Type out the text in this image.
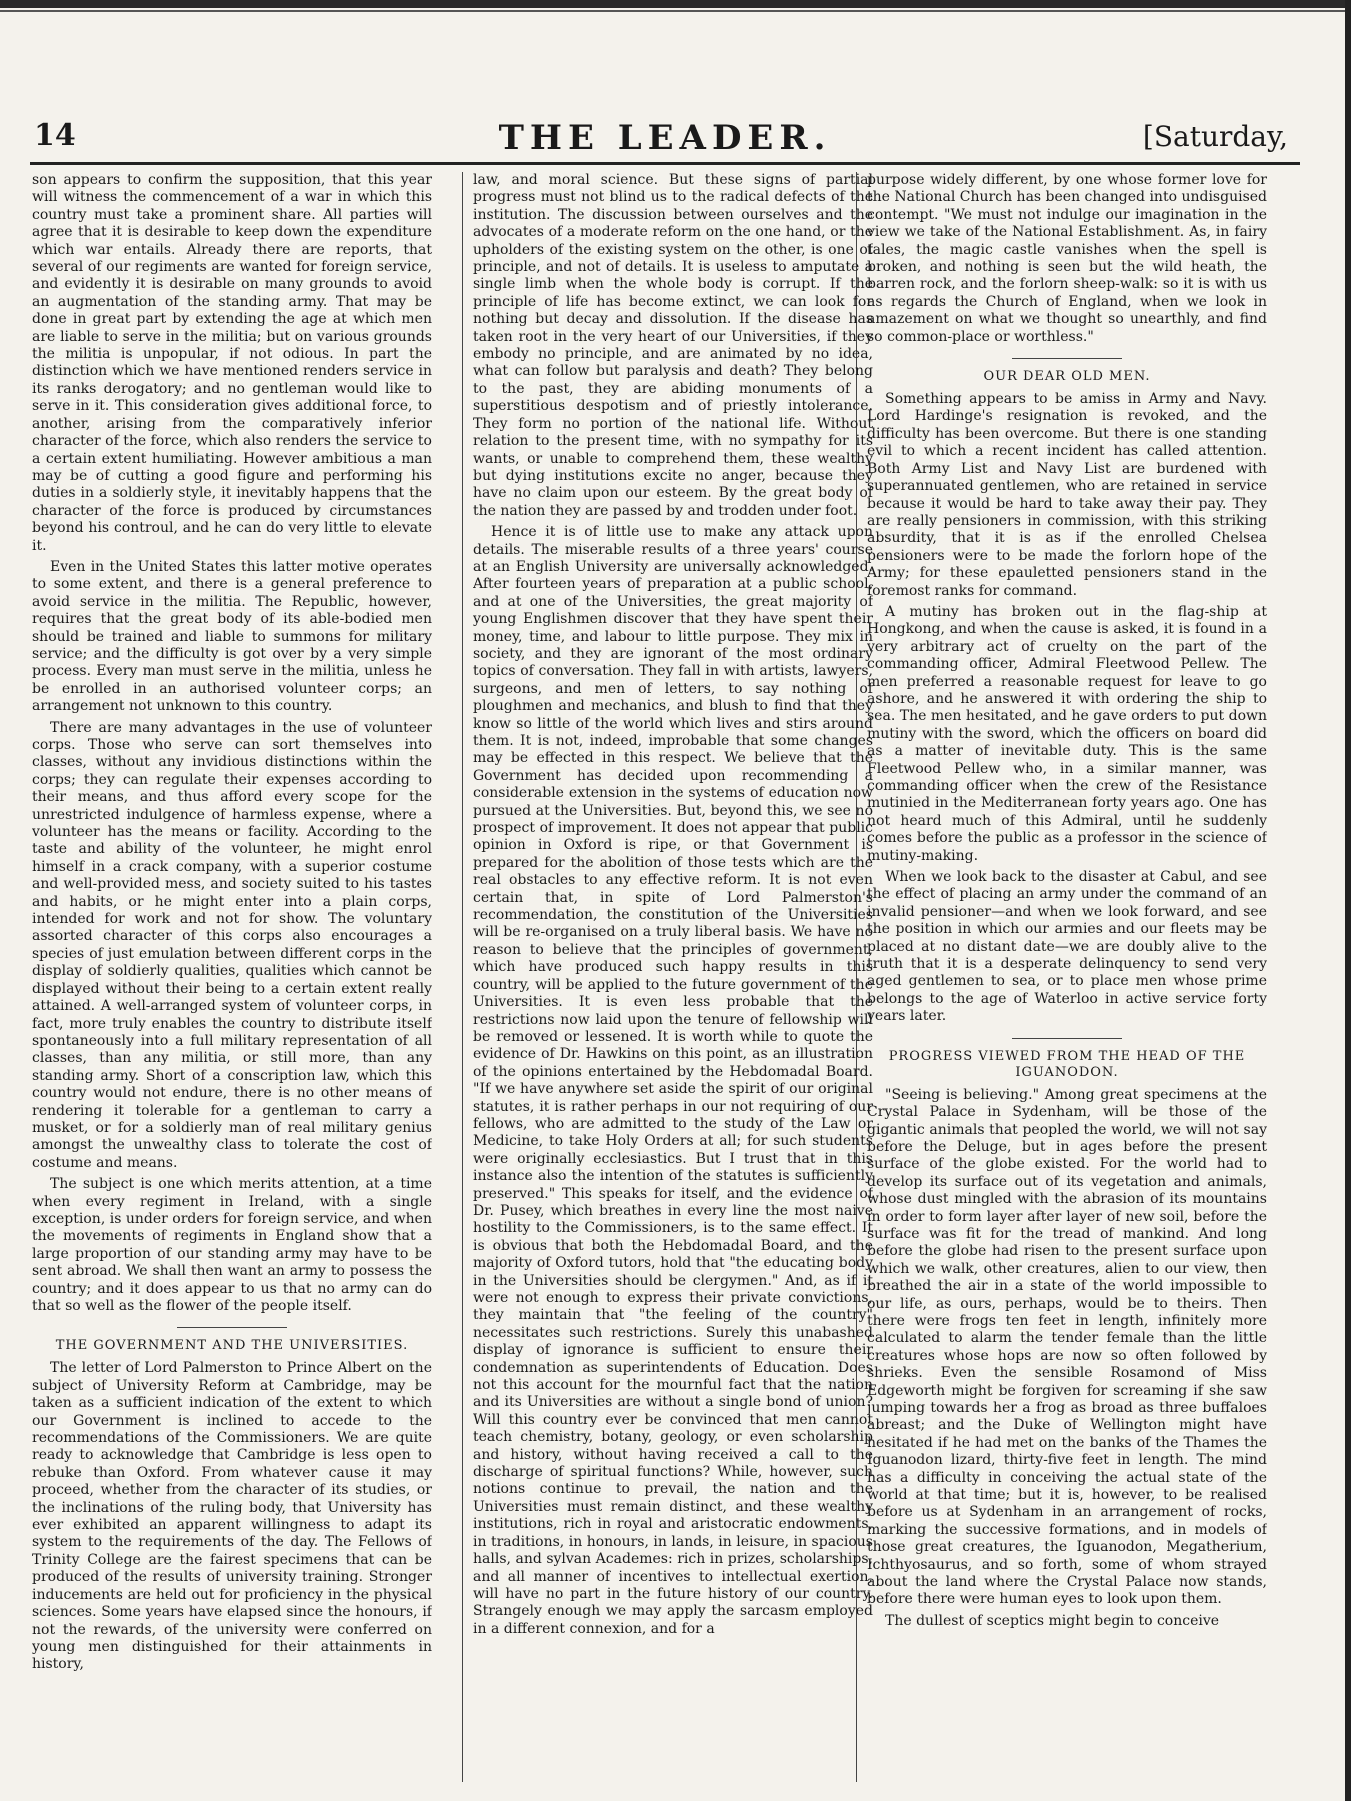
THE LEADER.
14	[Saturday,

son appears to confirm the supposition, that this year will witness the commencement of a war in which this country must take a prominent share. All parties will agree that it is desirable to keep down the expenditure which war entails. Already there are reports, that several of our regiments are wanted for foreign service, and evidently it is desirable on many grounds to avoid an augmentation of the standing army. That may be done in great part by extending the age at which men are liable to serve in the militia; but on various grounds the militia is unpopular, if not odious. In part the distinction which we have mentioned renders service in its ranks derogatory; and no gentleman would like to serve in it. This consideration gives additional force, to another, arising from the comparatively inferior character of the force, which also renders the service to a certain extent humiliating. However ambitious a man may be of cutting a good figure and performing his duties in a soldierly style, it inevitably happens that the character of the force is produced by circumstances beyond his controul, and he can do very little to elevate it.

Even in the United States this latter motive operates to some extent, and there is a general preference to avoid service in the militia. The Republic, however, requires that the great body of its able-bodied men should be trained and liable to summons for military service; and the difficulty is got over by a very simple process. Every man must serve in the militia, unless he be enrolled in an authorised volunteer corps; an arrangement not unknown to this country.

There are many advantages in the use of volunteer corps. Those who serve can sort themselves into classes, without any invidious distinctions within the corps; they can regulate their expenses according to their means, and thus afford every scope for the unrestricted indulgence of harmless expense, where a volunteer has the means or facility. According to the taste and ability of the volunteer, he might enrol himself in a crack company, with a superior costume and well-provided mess, and society suited to his tastes and habits, or he might enter into a plain corps, intended for work and not for show. The voluntary assorted character of this corps also encourages a species of just emulation between different corps in the display of soldierly qualities, qualities which cannot be displayed without their being to a certain extent really attained. A well-arranged system of volunteer corps, in fact, more truly enables the country to distribute itself spontaneously into a full military representation of all classes, than any militia, or still more, than any standing army. Short of a conscription law, which this country would not endure, there is no other means of rendering it tolerable for a gentleman to carry a musket, or for a soldierly man of real military genius amongst the unwealthy class to tolerate the cost of costume and means.

The subject is one which merits attention, at a time when every regiment in Ireland, with a single exception, is under orders for foreign service, and when the movements of regiments in England show that a large proportion of our standing army may have to be sent abroad. We shall then want an army to possess the country; and it does appear to us that no army can do that so well as the flower of the people itself.

THE GOVERNMENT AND THE UNIVERSITIES.

The letter of Lord Palmerston to Prince Albert on the subject of University Reform at Cambridge, may be taken as a sufficient indication of the extent to which our Government is inclined to accede to the recommendations of the Commissioners. We are quite ready to acknowledge that Cambridge is less open to rebuke than Oxford. From whatever cause it may proceed, whether from the character of its studies, or the inclinations of the ruling body, that University has ever exhibited an apparent willingness to adapt its system to the requirements of the day. The Fellows of Trinity College are the fairest specimens that can be produced of the results of university training. Stronger inducements are held out for proficiency in the physical sciences. Some years have elapsed since the honours, if not the rewards, of the university were conferred on young men distinguished for their attainments in history,

law, and moral science. But these signs of partial progress must not blind us to the radical defects of the institution. The discussion between ourselves and the advocates of a moderate reform on the one hand, or the upholders of the existing system on the other, is one of principle, and not of details. It is useless to amputate a single limb when the whole body is corrupt. If the principle of life has become extinct, we can look for nothing but decay and dissolution. If the disease has taken root in the very heart of our Universities, if they embody no principle, and are animated by no idea, what can follow but paralysis and death? They belong to the past, they are abiding monuments of a superstitious despotism and of priestly intolerance. They form no portion of the national life. Without relation to the present time, with no sympathy for its wants, or unable to comprehend them, these wealthy but dying institutions excite no anger, because they have no claim upon our esteem. By the great body of the nation they are passed by and trodden under foot.

Hence it is of little use to make any attack upon details. The miserable results of a three years' course at an English University are universally acknowledged. After fourteen years of preparation at a public school, and at one of the Universities, the great majority of young Englishmen discover that they have spent their money, time, and labour to little purpose. They mix in society, and they are ignorant of the most ordinary topics of conversation. They fall in with artists, lawyers, surgeons, and men of letters, to say nothing of ploughmen and mechanics, and blush to find that they know so little of the world which lives and stirs around them. It is not, indeed, improbable that some changes may be effected in this respect. We believe that the Government has decided upon recommending a considerable extension in the systems of education now pursued at the Universities. But, beyond this, we see no prospect of improvement. It does not appear that public opinion in Oxford is ripe, or that Government is prepared for the abolition of those tests which are the real obstacles to any effective reform. It is not even certain that, in spite of Lord Palmerston's recommendation, the constitution of the Universities will be re-organised on a truly liberal basis. We have no reason to believe that the principles of government, which have produced such happy results in this country, will be applied to the future government of the Universities. It is even less probable that the restrictions now laid upon the tenure of fellowship will be removed or lessened. It is worth while to quote the evidence of Dr. Hawkins on this point, as an illustration of the opinions entertained by the Hebdomadal Board. "If we have anywhere set aside the spirit of our original statutes, it is rather perhaps in our not requiring of our fellows, who are admitted to the study of the Law or Medicine, to take Holy Orders at all; for such students were originally ecclesiastics. But I trust that in this instance also the intention of the statutes is sufficiently preserved." This speaks for itself, and the evidence of Dr. Pusey, which breathes in every line the most naive hostility to the Commissioners, is to the same effect. It is obvious that both the Hebdomadal Board, and the majority of Oxford tutors, hold that "the educating body in the Universities should be clergymen." And, as if it were not enough to express their private convictions, they maintain that "the feeling of the country" necessitates such restrictions. Surely this unabashed display of ignorance is sufficient to ensure their condemnation as superintendents of Education. Does not this account for the mournful fact that the nation and its Universities are without a single bond of union? Will this country ever be convinced that men cannot teach chemistry, botany, geology, or even scholarship and history, without having received a call to the discharge of spiritual functions? While, however, such notions continue to prevail, the nation and the Universities must remain distinct, and these wealthy institutions, rich in royal and aristocratic endowments, in traditions, in honours, in lands, in leisure, in spacious halls, and sylvan Academes: rich in prizes, scholarships, and all manner of incentives to intellectual exertion, will have no part in the future history of our country. Strangely enough we may apply the sarcasm employed in a different connexion, and for a

purpose widely different, by one whose former love for the National Church has been changed into undisguised contempt. "We must not indulge our imagination in the view we take of the National Establishment. As, in fairy tales, the magic castle vanishes when the spell is broken, and nothing is seen but the wild heath, the barren rock, and the forlorn sheep-walk: so it is with us as regards the Church of England, when we look in amazement on what we thought so unearthly, and find so common-place or worthless."

OUR DEAR OLD MEN.

Something appears to be amiss in Army and Navy. Lord Hardinge's resignation is revoked, and the difficulty has been overcome. But there is one standing evil to which a recent incident has called attention. Both Army List and Navy List are burdened with superannuated gentlemen, who are retained in service because it would be hard to take away their pay. They are really pensioners in commission, with this striking absurdity, that it is as if the enrolled Chelsea pensioners were to be made the forlorn hope of the Army; for these epauletted pensioners stand in the foremost ranks for command.

A mutiny has broken out in the flag-ship at Hongkong, and when the cause is asked, it is found in a very arbitrary act of cruelty on the part of the commanding officer, Admiral Fleetwood Pellew. The men preferred a reasonable request for leave to go ashore, and he answered it with ordering the ship to sea. The men hesitated, and he gave orders to put down mutiny with the sword, which the officers on board did as a matter of inevitable duty. This is the same Fleetwood Pellew who, in a similar manner, was commanding officer when the crew of the Resistance mutinied in the Mediterranean forty years ago. One has not heard much of this Admiral, until he suddenly comes before the public as a professor in the science of mutiny-making.

When we look back to the disaster at Cabul, and see the effect of placing an army under the command of an invalid pensioner—and when we look forward, and see the position in which our armies and our fleets may be placed at no distant date—we are doubly alive to the truth that it is a desperate delinquency to send very aged gentlemen to sea, or to place men whose prime belongs to the age of Waterloo in active service forty years later.

PROGRESS VIEWED FROM THE HEAD OF THE IGUANODON.

"Seeing is believing." Among great specimens at the Crystal Palace in Sydenham, will be those of the gigantic animals that peopled the world, we will not say before the Deluge, but in ages before the present surface of the globe existed. For the world had to develop its surface out of its vegetation and animals, whose dust mingled with the abrasion of its mountains in order to form layer after layer of new soil, before the surface was fit for the tread of mankind. And long before the globe had risen to the present surface upon which we walk, other creatures, alien to our view, then breathed the air in a state of the world impossible to our life, as ours, perhaps, would be to theirs. Then there were frogs ten feet in length, infinitely more calculated to alarm the tender female than the little creatures whose hops are now so often followed by shrieks. Even the sensible Rosamond of Miss Edgeworth might be forgiven for screaming if she saw jumping towards her a frog as broad as three buffaloes abreast; and the Duke of Wellington might have hesitated if he had met on the banks of the Thames the Iguanodon lizard, thirty-five feet in length. The mind has a difficulty in conceiving the actual state of the world at that time; but it is, however, to be realised before us at Sydenham in an arrangement of rocks, marking the successive formations, and in models of those great creatures, the Iguanodon, Megatherium, Ichthyosaurus, and so forth, some of whom strayed about the land where the Crystal Palace now stands, before there were human eyes to look upon them.

The dullest of sceptics might begin to conceive
